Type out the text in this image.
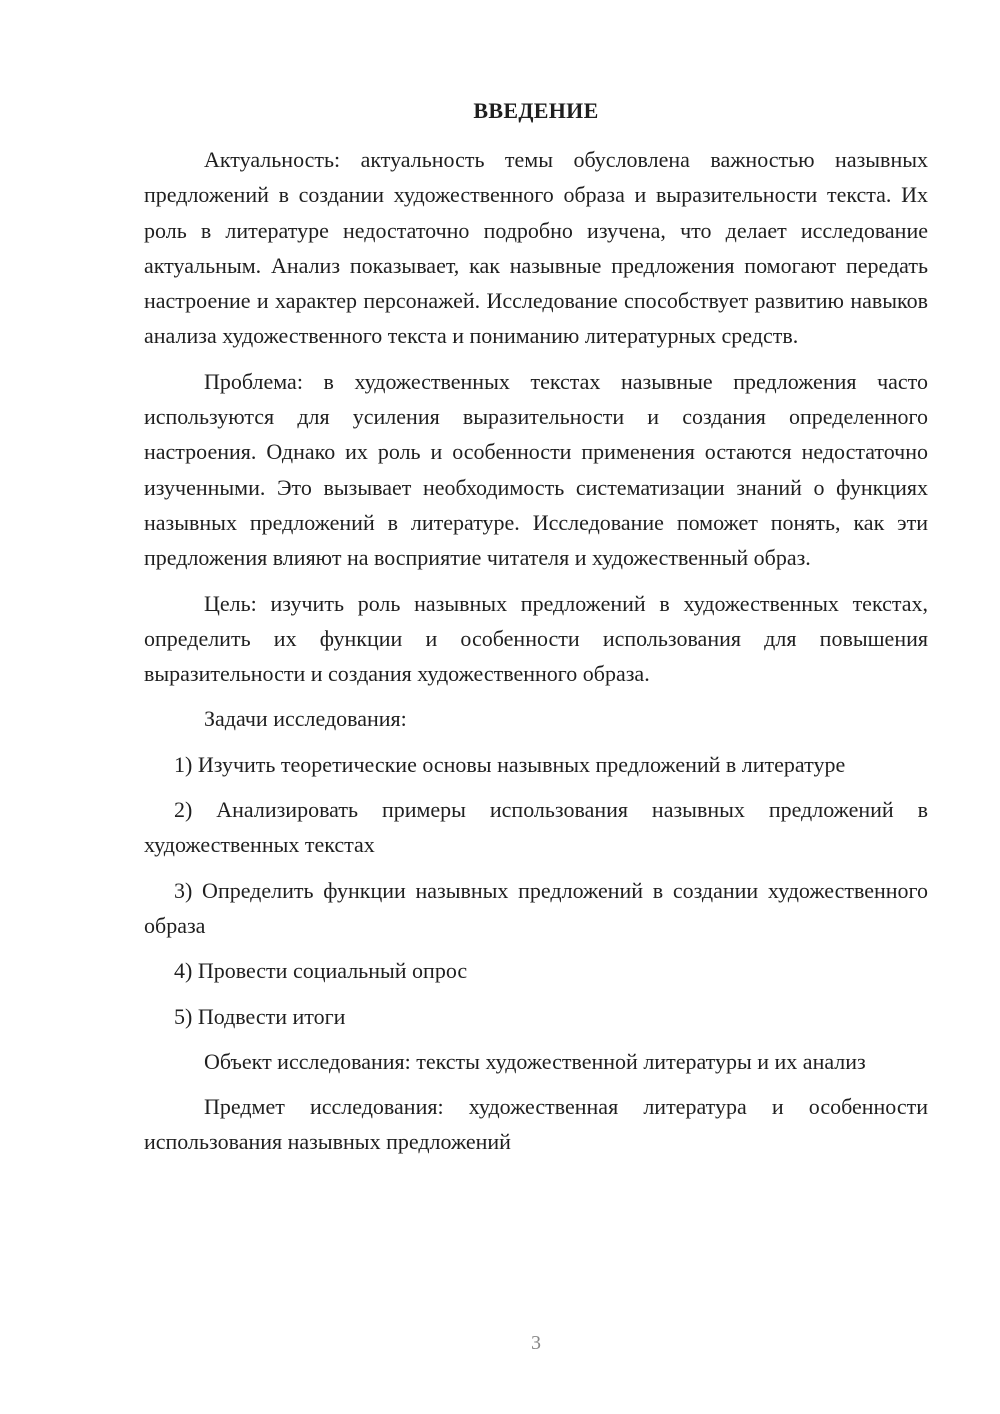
ВВЕДЕНИЕ

Актуальность: актуальность темы обусловлена важностью назывных предложений в создании художественного образа и выразительности текста. Их роль в литературе недостаточно подробно изучена, что делает исследование актуальным. Анализ показывает, как назывные предложения помогают передать настроение и характер персонажей. Исследование способствует развитию навыков анализа художественного текста и пониманию литературных средств.

Проблема: в художественных текстах назывные предложения часто используются для усиления выразительности и создания определенного настроения. Однако их роль и особенности применения остаются недостаточно изученными. Это вызывает необходимость систематизации знаний о функциях назывных предложений в литературе. Исследование поможет понять, как эти предложения влияют на восприятие читателя и художественный образ.

Цель: изучить роль назывных предложений в художественных текстах, определить их функции и особенности использования для повышения выразительности и создания художественного образа.

Задачи исследования:

1) Изучить теоретические основы назывных предложений в литературе

2) Анализировать примеры использования назывных предложений в художественных текстах

3) Определить функции назывных предложений в создании художественного образа

4) Провести социальный опрос

5) Подвести итоги

Объект исследования: тексты художественной литературы и их анализ

Предмет исследования: художественная литература и особенности использования назывных предложений

3
